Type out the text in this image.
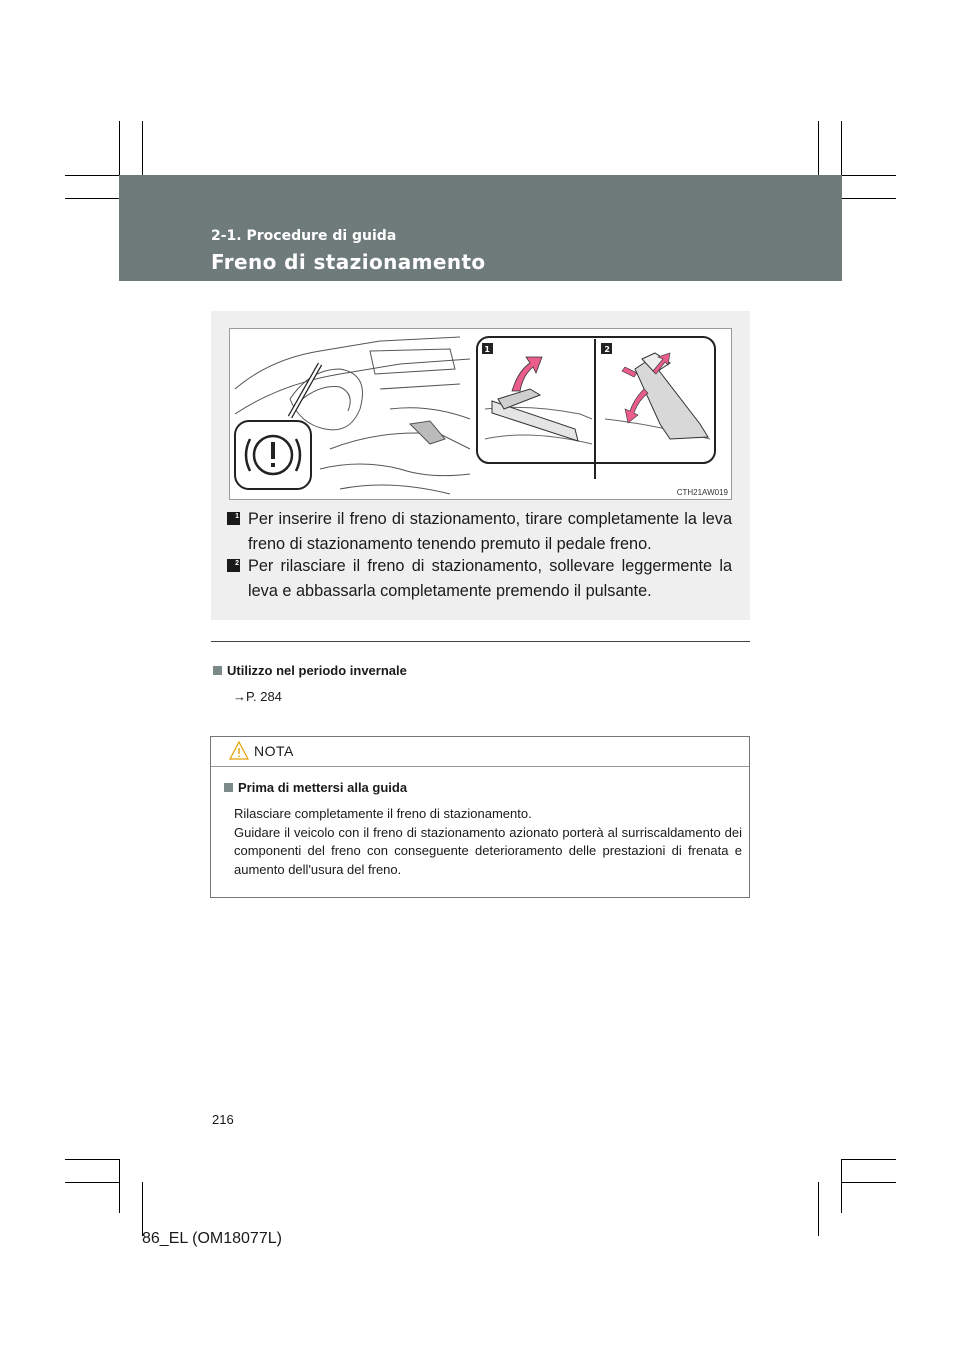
2-1. Procedure di guida
Freno di stazionamento
1	2
CTH21AW019
1 Per inserire il freno di stazionamento, tirare completamente la leva freno di stazionamento tenendo premuto il pedale freno.
2 Per rilasciare il freno di stazionamento, sollevare leggermente la leva e abbassarla completamente premendo il pulsante.
Utilizzo nel periodo invernale
→P. 284
NOTA
Prima di mettersi alla guida
Rilasciare completamente il freno di stazionamento.
Guidare il veicolo con il freno di stazionamento azionato porterà al surriscaldamento dei componenti del freno con conseguente deterioramento delle prestazioni di frenata e aumento dell'usura del freno.
216
86_EL (OM18077L)
